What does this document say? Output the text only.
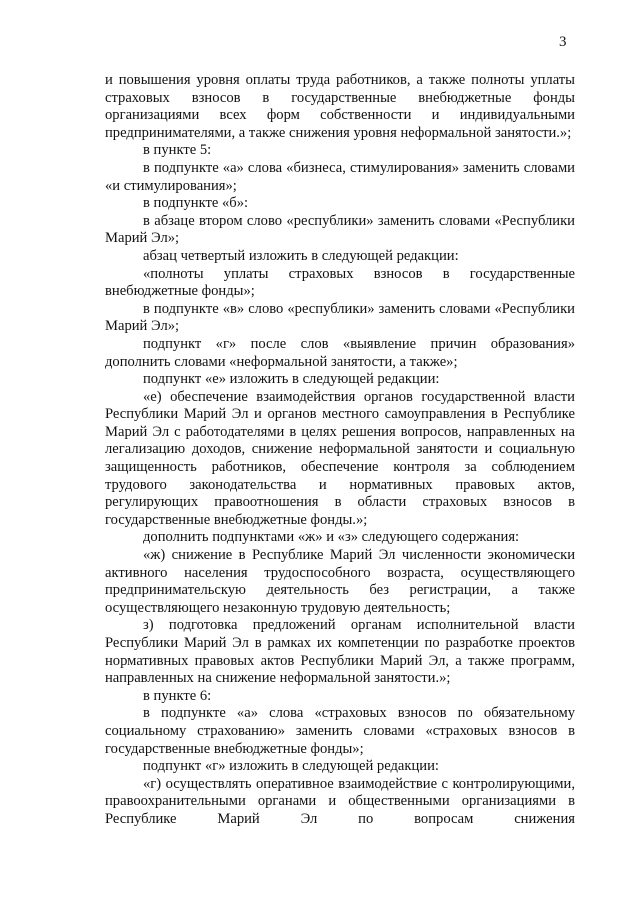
3

и повышения уровня оплаты труда работников, а также полноты уплаты страховых взносов в государственные внебюджетные фонды организациями всех форм собственности и индивидуальными предпринимателями, а также снижения уровня неформальной занятости.»;

в пункте 5:

в подпункте «а» слова «бизнеса, стимулирования» заменить словами «и стимулирования»;

в подпункте «б»:

в абзаце втором слово «республики» заменить словами «Республики Марий Эл»;

абзац четвертый изложить в следующей редакции:

«полноты уплаты страховых взносов в государственные внебюджетные фонды»;

в подпункте «в» слово «республики» заменить словами «Республики Марий Эл»;

подпункт «г» после слов «выявление причин образования» дополнить словами «неформальной занятости, а также»;

подпункт «е» изложить в следующей редакции:

«е) обеспечение взаимодействия органов государственной власти Республики Марий Эл и органов местного самоуправления в Республике Марий Эл с работодателями в целях решения вопросов, направленных на легализацию доходов, снижение неформальной занятости и социальную защищенность работников, обеспечение контроля за соблюдением трудового законодательства и нормативных правовых актов, регулирующих правоотношения в области страховых взносов в государственные внебюджетные фонды.»;

дополнить подпунктами «ж» и «з» следующего содержания:

«ж) снижение в Республике Марий Эл численности экономически активного населения трудоспособного возраста, осуществляющего предпринимательскую деятельность без регистрации, а также осуществляющего незаконную трудовую деятельность;

з) подготовка предложений органам исполнительной власти Республики Марий Эл в рамках их компетенции по разработке проектов нормативных правовых актов Республики Марий Эл, а также программ, направленных на снижение неформальной занятости.»;

в пункте 6:

в подпункте «а» слова «страховых взносов по обязательному социальному страхованию» заменить словами «страховых взносов в государственные внебюджетные фонды»;

подпункт «г» изложить в следующей редакции:

«г) осуществлять оперативное взаимодействие с контролирующими, правоохранительными органами и общественными организациями в Республике Марий Эл по вопросам снижения
